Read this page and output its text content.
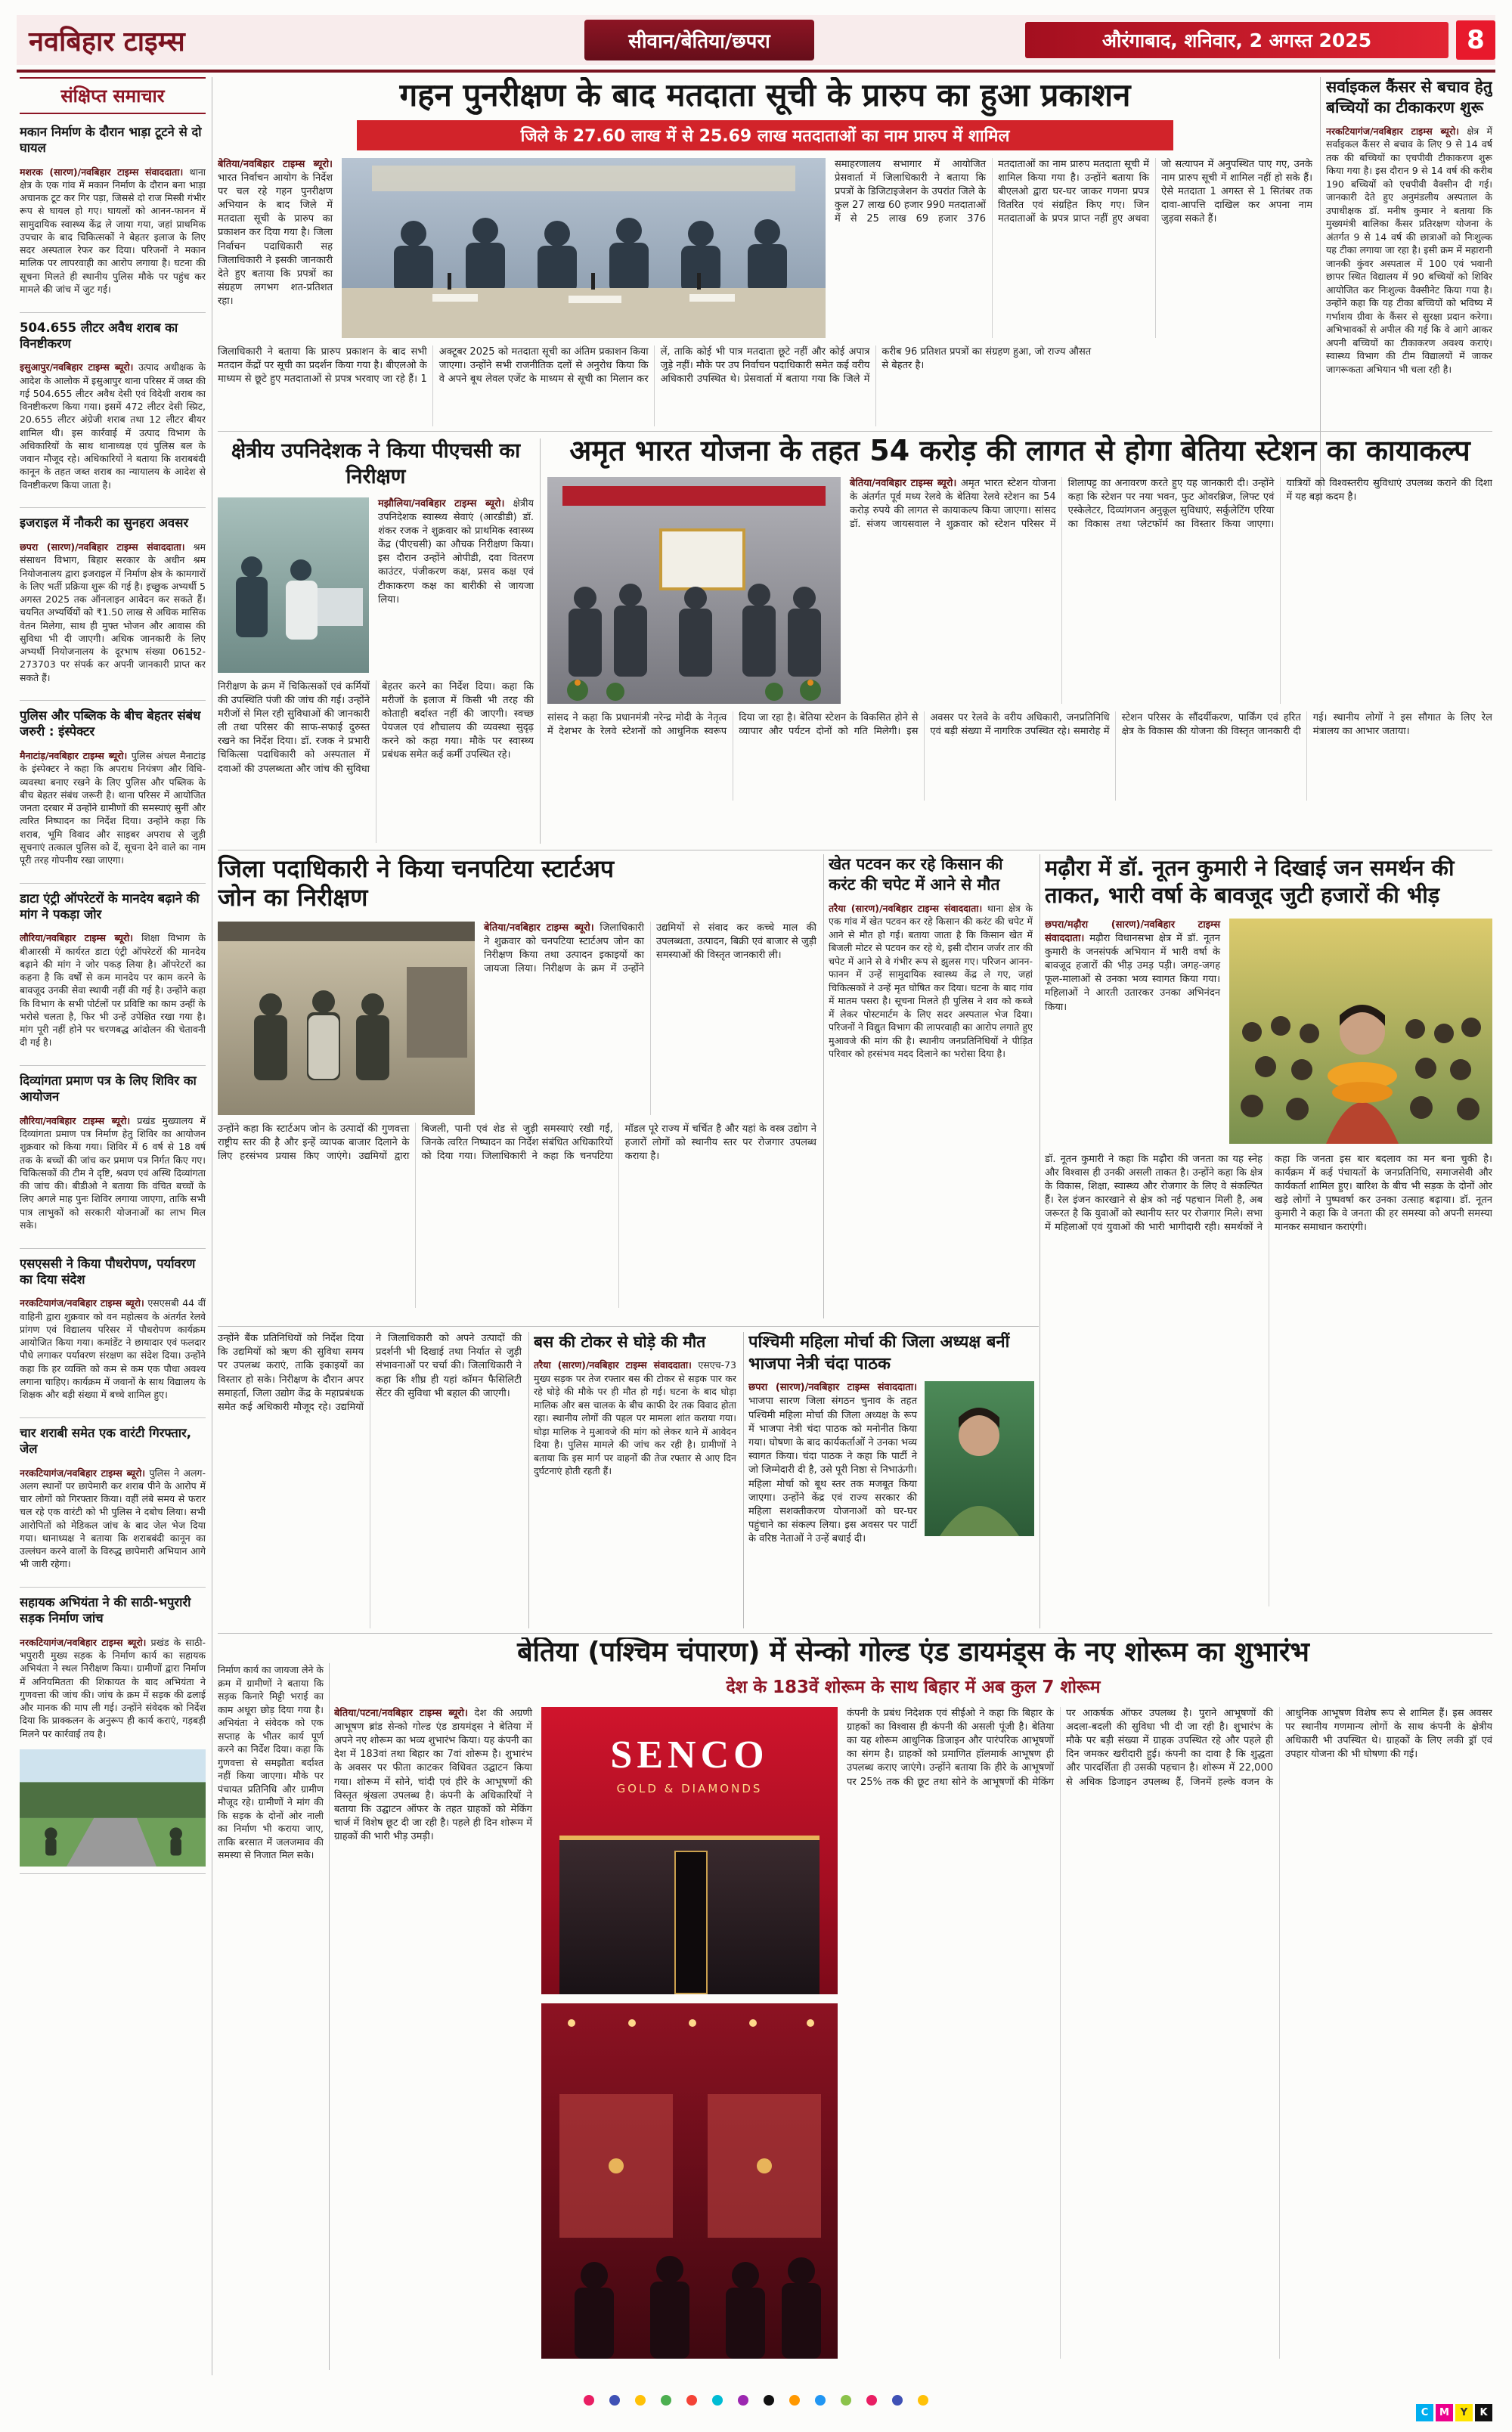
नवबिहार टाइम्स	सीवान/बेतिया/छपरा	औरंगाबाद, शनिवार, 2 अगस्त 2025	8
संक्षिप्त समाचार
मकान निर्माण के दौरान भाड़ा टूटने से दो घायल

मशरक (सारण)/नवबिहार टाइम्स संवाददाता। थाना क्षेत्र के एक गांव में मकान निर्माण के दौरान बना भाड़ा अचानक टूट कर गिर पड़ा, जिससे दो राज मिस्त्री गंभीर रूप से घायल हो गए। घायलों को आनन-फानन में सामुदायिक स्वास्थ्य केंद्र ले जाया गया, जहां प्राथमिक उपचार के बाद चिकित्सकों ने बेहतर इलाज के लिए सदर अस्पताल रेफर कर दिया। परिजनों ने मकान मालिक पर लापरवाही का आरोप लगाया है। घटना की सूचना मिलते ही स्थानीय पुलिस मौके पर पहुंच कर मामले की जांच में जुट गई।

504.655 लीटर अवैध शराब का विनष्टीकरण

इसुआपुर/नवबिहार टाइम्स ब्यूरो। उत्पाद अधीक्षक के आदेश के आलोक में इसुआपुर थाना परिसर में जब्त की गई 504.655 लीटर अवैध देसी एवं विदेशी शराब का विनष्टीकरण किया गया। इसमें 472 लीटर देसी स्प्रिट, 20.655 लीटर अंग्रेजी शराब तथा 12 लीटर बीयर शामिल थी। इस कार्रवाई में उत्पाद विभाग के अधिकारियों के साथ थानाध्यक्ष एवं पुलिस बल के जवान मौजूद रहे। अधिकारियों ने बताया कि शराबबंदी कानून के तहत जब्त शराब का न्यायालय के आदेश से विनष्टीकरण किया जाता है।

इजराइल में नौकरी का सुनहरा अवसर

छपरा (सारण)/नवबिहार टाइम्स संवाददाता। श्रम संसाधन विभाग, बिहार सरकार के अधीन श्रम नियोजनालय द्वारा इजराइल में निर्माण क्षेत्र के कामगारों के लिए भर्ती प्रक्रिया शुरू की गई है। इच्छुक अभ्यर्थी 5 अगस्त 2025 तक ऑनलाइन आवेदन कर सकते हैं। चयनित अभ्यर्थियों को ₹1.50 लाख से अधिक मासिक वेतन मिलेगा, साथ ही मुफ्त भोजन और आवास की सुविधा भी दी जाएगी। अधिक जानकारी के लिए अभ्यर्थी नियोजनालय के दूरभाष संख्या 06152-273703 पर संपर्क कर अपनी जानकारी प्राप्त कर सकते हैं।

पुलिस और पब्लिक के बीच बेहतर संबंध जरुरी : इंस्पेक्टर

मैनाटांड़/नवबिहार टाइम्स ब्यूरो। पुलिस अंचल मैनाटांड़ के इंस्पेक्टर ने कहा कि अपराध नियंत्रण और विधि-व्यवस्था बनाए रखने के लिए पुलिस और पब्लिक के बीच बेहतर संबंध जरूरी है। थाना परिसर में आयोजित जनता दरबार में उन्होंने ग्रामीणों की समस्याएं सुनीं और त्वरित निष्पादन का निर्देश दिया। उन्होंने कहा कि शराब, भूमि विवाद और साइबर अपराध से जुड़ी सूचनाएं तत्काल पुलिस को दें, सूचना देने वाले का नाम पूरी तरह गोपनीय रखा जाएगा।

डाटा एंट्री ऑपरेटरों के मानदेय बढ़ाने की मांग ने पकड़ा जोर

लौरिया/नवबिहार टाइम्स ब्यूरो। शिक्षा विभाग के बीआरसी में कार्यरत डाटा एंट्री ऑपरेटरों की मानदेय बढ़ाने की मांग ने जोर पकड़ लिया है। ऑपरेटरों का कहना है कि वर्षों से कम मानदेय पर काम करने के बावजूद उनकी सेवा स्थायी नहीं की गई है। उन्होंने कहा कि विभाग के सभी पोर्टलों पर प्रविष्टि का काम उन्हीं के भरोसे चलता है, फिर भी उन्हें उपेक्षित रखा गया है। मांग पूरी नहीं होने पर चरणबद्ध आंदोलन की चेतावनी दी गई है।

दिव्यांगता प्रमाण पत्र के लिए शिविर का आयोजन

लौरिया/नवबिहार टाइम्स ब्यूरो। प्रखंड मुख्यालय में दिव्यांगता प्रमाण पत्र निर्माण हेतु शिविर का आयोजन शुक्रवार को किया गया। शिविर में 6 वर्ष से 18 वर्ष तक के बच्चों की जांच कर प्रमाण पत्र निर्गत किए गए। चिकित्सकों की टीम ने दृष्टि, श्रवण एवं अस्थि दिव्यांगता की जांच की। बीडीओ ने बताया कि वंचित बच्चों के लिए अगले माह पुनः शिविर लगाया जाएगा, ताकि सभी पात्र लाभुकों को सरकारी योजनाओं का लाभ मिल सके।

एसएससी ने किया पौधरोपण, पर्यावरण का दिया संदेश

नरकटियागंज/नवबिहार टाइम्स ब्यूरो। एसएसबी 44 वीं वाहिनी द्वारा शुक्रवार को वन महोत्सव के अंतर्गत रेलवे प्रांगण एवं विद्यालय परिसर में पौधरोपण कार्यक्रम आयोजित किया गया। कमांडेंट ने छायादार एवं फलदार पौधे लगाकर पर्यावरण संरक्षण का संदेश दिया। उन्होंने कहा कि हर व्यक्ति को कम से कम एक पौधा अवश्य लगाना चाहिए। कार्यक्रम में जवानों के साथ विद्यालय के शिक्षक और बड़ी संख्या में बच्चे शामिल हुए।

चार शराबी समेत एक वारंटी गिरफ्तार, जेल

नरकटियागंज/नवबिहार टाइम्स ब्यूरो। पुलिस ने अलग-अलग स्थानों पर छापेमारी कर शराब पीने के आरोप में चार लोगों को गिरफ्तार किया। वहीं लंबे समय से फरार चल रहे एक वारंटी को भी पुलिस ने दबोच लिया। सभी आरोपितों को मेडिकल जांच के बाद जेल भेज दिया गया। थानाध्यक्ष ने बताया कि शराबबंदी कानून का उल्लंघन करने वालों के विरुद्ध छापेमारी अभियान आगे भी जारी रहेगा।

सहायक अभियंता ने की साठी-भपुरारी सड़क निर्माण जांच

नरकटियागंज/नवबिहार टाइम्स ब्यूरो। प्रखंड के साठी-भपुरारी मुख्य सड़क के निर्माण कार्य का सहायक अभियंता ने स्थल निरीक्षण किया। ग्रामीणों द्वारा निर्माण में अनियमितता की शिकायत के बाद अभियंता ने गुणवत्ता की जांच की। जांच के क्रम में सड़क की ढलाई और मानक की माप ली गई। उन्होंने संवेदक को निर्देश दिया कि प्राक्कलन के अनुरूप ही कार्य कराएं, गड़बड़ी मिलने पर कार्रवाई तय है।

निर्माण कार्य का जायजा लेने के क्रम में ग्रामीणों ने बताया कि सड़क किनारे मिट्टी भराई का काम अधूरा छोड़ दिया गया है। अभियंता ने संवेदक को एक सप्ताह के भीतर कार्य पूर्ण करने का निर्देश दिया। कहा कि गुणवत्ता से समझौता बर्दाश्त नहीं किया जाएगा। मौके पर पंचायत प्रतिनिधि और ग्रामीण मौजूद रहे। ग्रामीणों ने मांग की कि सड़क के दोनों ओर नाली का निर्माण भी कराया जाए, ताकि बरसात में जलजमाव की समस्या से निजात मिल सके।

गहन पुनरीक्षण के बाद मतदाता सूची के प्रारुप का हुआ प्रकाशन
जिले के 27.60 लाख में से 25.69 लाख मतदाताओं का नाम प्रारुप में शामिल

बेतिया/नवबिहार टाइम्स ब्यूरो। भारत निर्वाचन आयोग के निर्देश पर चल रहे गहन पुनरीक्षण अभियान के बाद जिले में मतदाता सूची के प्रारुप का प्रकाशन कर दिया गया है। जिला निर्वाचन पदाधिकारी सह जिलाधिकारी ने इसकी जानकारी देते हुए बताया कि प्रपत्रों का संग्रहण लगभग शत-प्रतिशत रहा।

समाहरणालय सभागार में आयोजित प्रेसवार्ता में जिलाधिकारी ने बताया कि प्रपत्रों के डिजिटाइजेशन के उपरांत जिले के कुल 27 लाख 60 हजार 990 मतदाताओं में से 25 लाख 69 हजार 376 मतदाताओं का नाम प्रारुप मतदाता सूची में शामिल किया गया है। उन्होंने बताया कि बीएलओ द्वारा घर-घर जाकर गणना प्रपत्र वितरित एवं संग्रहित किए गए। जिन मतदाताओं के प्रपत्र प्राप्त नहीं हुए अथवा जो सत्यापन में अनुपस्थित पाए गए, उनके नाम प्रारुप सूची में शामिल नहीं हो सके हैं। ऐसे मतदाता 1 अगस्त से 1 सितंबर तक दावा-आपत्ति दाखिल कर अपना नाम जुड़वा सकते हैं।

जिलाधिकारी ने बताया कि प्रारुप प्रकाशन के बाद सभी मतदान केंद्रों पर सूची का प्रदर्शन किया गया है। बीएलओ के माध्यम से छूटे हुए मतदाताओं से प्रपत्र भरवाए जा रहे हैं। 1 अक्टूबर 2025 को मतदाता सूची का अंतिम प्रकाशन किया जाएगा। उन्होंने सभी राजनीतिक दलों से अनुरोध किया कि वे अपने बूथ लेवल एजेंट के माध्यम से सूची का मिलान कर लें, ताकि कोई भी पात्र मतदाता छूटे नहीं और कोई अपात्र जुड़े नहीं। मौके पर उप निर्वाचन पदाधिकारी समेत कई वरीय अधिकारी उपस्थित थे। प्रेसवार्ता में बताया गया कि जिले में करीब 96 प्रतिशत प्रपत्रों का संग्रहण हुआ, जो राज्य औसत से बेहतर है।

सर्वाइकल कैंसर से बचाव हेतु बच्चियों का टीकाकरण शुरू

नरकटियागंज/नवबिहार टाइम्स ब्यूरो। क्षेत्र में सर्वाइकल कैंसर से बचाव के लिए 9 से 14 वर्ष तक की बच्चियों का एचपीवी टीकाकरण शुरू किया गया है। इस दौरान 9 से 14 वर्ष की करीब 190 बच्चियों को एचपीवी वैक्सीन दी गई। जानकारी देते हुए अनुमंडलीय अस्पताल के उपाधीक्षक डॉ. मनीष कुमार ने बताया कि मुख्यमंत्री बालिका कैंसर प्रतिरक्षण योजना के अंतर्गत 9 से 14 वर्ष की छात्राओं को निःशुल्क यह टीका लगाया जा रहा है। इसी क्रम में महारानी जानकी कुंवर अस्पताल में 100 एवं भवानी छापर स्थित विद्यालय में 90 बच्चियों को शिविर आयोजित कर निःशुल्क वैक्सीनेट किया गया है। उन्होंने कहा कि यह टीका बच्चियों को भविष्य में गर्भाशय ग्रीवा के कैंसर से सुरक्षा प्रदान करेगा। अभिभावकों से अपील की गई कि वे आगे आकर अपनी बच्चियों का टीकाकरण अवश्य कराएं। स्वास्थ्य विभाग की टीम विद्यालयों में जाकर जागरूकता अभियान भी चला रही है।

क्षेत्रीय उपनिदेशक ने किया पीएचसी का निरीक्षण

मझौलिया/नवबिहार टाइम्स ब्यूरो। क्षेत्रीय उपनिदेशक स्वास्थ्य सेवाएं (आरडीडी) डॉ. शंकर रजक ने शुक्रवार को प्राथमिक स्वास्थ्य केंद्र (पीएचसी) का औचक निरीक्षण किया। इस दौरान उन्होंने ओपीडी, दवा वितरण काउंटर, पंजीकरण कक्ष, प्रसव कक्ष एवं टीकाकरण कक्ष का बारीकी से जायजा लिया।

निरीक्षण के क्रम में चिकित्सकों एवं कर्मियों की उपस्थिति पंजी की जांच की गई। उन्होंने मरीजों से मिल रही सुविधाओं की जानकारी ली तथा परिसर की साफ-सफाई दुरुस्त रखने का निर्देश दिया। डॉ. रजक ने प्रभारी चिकित्सा पदाधिकारी को अस्पताल में दवाओं की उपलब्धता और जांच की सुविधा बेहतर करने का निर्देश दिया। कहा कि मरीजों के इलाज में किसी भी तरह की कोताही बर्दाश्त नहीं की जाएगी। स्वच्छ पेयजल एवं शौचालय की व्यवस्था सुदृढ़ करने को कहा गया। मौके पर स्वास्थ्य प्रबंधक समेत कई कर्मी उपस्थित रहे।

अमृत भारत योजना के तहत 54 करोड़ की लागत से होगा बेतिया स्टेशन का कायाकल्प

बेतिया/नवबिहार टाइम्स ब्यूरो। अमृत भारत स्टेशन योजना के अंतर्गत पूर्व मध्य रेलवे के बेतिया रेलवे स्टेशन का 54 करोड़ रुपये की लागत से कायाकल्प किया जाएगा। सांसद डॉ. संजय जायसवाल ने शुक्रवार को स्टेशन परिसर में शिलापट्ट का अनावरण करते हुए यह जानकारी दी। उन्होंने कहा कि स्टेशन पर नया भवन, फुट ओवरब्रिज, लिफ्ट एवं एस्केलेटर, दिव्यांगजन अनुकूल सुविधाएं, सर्कुलेटिंग एरिया का विकास तथा प्लेटफॉर्म का विस्तार किया जाएगा। यात्रियों को विश्वस्तरीय सुविधाएं उपलब्ध कराने की दिशा में यह बड़ा कदम है।

सांसद ने कहा कि प्रधानमंत्री नरेन्द्र मोदी के नेतृत्व में देशभर के रेलवे स्टेशनों को आधुनिक स्वरूप दिया जा रहा है। बेतिया स्टेशन के विकसित होने से व्यापार और पर्यटन दोनों को गति मिलेगी। इस अवसर पर रेलवे के वरीय अधिकारी, जनप्रतिनिधि एवं बड़ी संख्या में नागरिक उपस्थित रहे। समारोह में स्टेशन परिसर के सौंदर्यीकरण, पार्किंग एवं हरित क्षेत्र के विकास की योजना की विस्तृत जानकारी दी गई। स्थानीय लोगों ने इस सौगात के लिए रेल मंत्रालय का आभार जताया।

जिला पदाधिकारी ने किया चनपटिया स्टार्टअप जोन का निरीक्षण

बेतिया/नवबिहार टाइम्स ब्यूरो। जिलाधिकारी ने शुक्रवार को चनपटिया स्टार्टअप जोन का निरीक्षण किया तथा उत्पादन इकाइयों का जायजा लिया। निरीक्षण के क्रम में उन्होंने उद्यमियों से संवाद कर कच्चे माल की उपलब्धता, उत्पादन, बिक्री एवं बाजार से जुड़ी समस्याओं की विस्तृत जानकारी ली।

उन्होंने कहा कि स्टार्टअप जोन के उत्पादों की गुणवत्ता राष्ट्रीय स्तर की है और इन्हें व्यापक बाजार दिलाने के लिए हरसंभव प्रयास किए जाएंगे। उद्यमियों द्वारा बिजली, पानी एवं शेड से जुड़ी समस्याएं रखी गईं, जिनके त्वरित निष्पादन का निर्देश संबंधित अधिकारियों को दिया गया। जिलाधिकारी ने कहा कि चनपटिया मॉडल पूरे राज्य में चर्चित है और यहां के वस्त्र उद्योग ने हजारों लोगों को स्थानीय स्तर पर रोजगार उपलब्ध कराया है।

उन्होंने बैंक प्रतिनिधियों को निर्देश दिया कि उद्यमियों को ऋण की सुविधा समय पर उपलब्ध कराएं, ताकि इकाइयों का विस्तार हो सके। निरीक्षण के दौरान अपर समाहर्ता, जिला उद्योग केंद्र के महाप्रबंधक समेत कई अधिकारी मौजूद रहे। उद्यमियों ने जिलाधिकारी को अपने उत्पादों की प्रदर्शनी भी दिखाई तथा निर्यात से जुड़ी संभावनाओं पर चर्चा की। जिलाधिकारी ने कहा कि शीघ्र ही यहां कॉमन फैसिलिटी सेंटर की सुविधा भी बहाल की जाएगी।

खेत पटवन कर रहे किसान की करंट की चपेट में आने से मौत

तरैया (सारण)/नवबिहार टाइम्स संवाददाता। थाना क्षेत्र के एक गांव में खेत पटवन कर रहे किसान की करंट की चपेट में आने से मौत हो गई। बताया जाता है कि किसान खेत में बिजली मोटर से पटवन कर रहे थे, इसी दौरान जर्जर तार की चपेट में आने से वे गंभीर रूप से झुलस गए। परिजन आनन-फानन में उन्हें सामुदायिक स्वास्थ्य केंद्र ले गए, जहां चिकित्सकों ने उन्हें मृत घोषित कर दिया। घटना के बाद गांव में मातम पसरा है। सूचना मिलते ही पुलिस ने शव को कब्जे में लेकर पोस्टमार्टम के लिए सदर अस्पताल भेज दिया। परिजनों ने विद्युत विभाग की लापरवाही का आरोप लगाते हुए मुआवजे की मांग की है। स्थानीय जनप्रतिनिधियों ने पीड़ित परिवार को हरसंभव मदद दिलाने का भरोसा दिया है।

बस की टोकर से घोड़े की मौत

तरैया (सारण)/नवबिहार टाइम्स संवाददाता। एसएच-73 मुख्य सड़क पर तेज रफ्तार बस की टोकर से सड़क पार कर रहे घोड़े की मौके पर ही मौत हो गई। घटना के बाद घोड़ा मालिक और बस चालक के बीच काफी देर तक विवाद होता रहा। स्थानीय लोगों की पहल पर मामला शांत कराया गया। घोड़ा मालिक ने मुआवजे की मांग को लेकर थाने में आवेदन दिया है। पुलिस मामले की जांच कर रही है। ग्रामीणों ने बताया कि इस मार्ग पर वाहनों की तेज रफ्तार से आए दिन दुर्घटनाएं होती रहती हैं।

पश्चिमी महिला मोर्चा की जिला अध्यक्ष बनीं भाजपा नेत्री चंदा पाठक

छपरा (सारण)/नवबिहार टाइम्स संवाददाता। भाजपा सारण जिला संगठन चुनाव के तहत पश्चिमी महिला मोर्चा की जिला अध्यक्ष के रूप में भाजपा नेत्री चंदा पाठक को मनोनीत किया गया। घोषणा के बाद कार्यकर्ताओं ने उनका भव्य स्वागत किया। चंदा पाठक ने कहा कि पार्टी ने जो जिम्मेदारी दी है, उसे पूरी निष्ठा से निभाऊंगी। महिला मोर्चा को बूथ स्तर तक मजबूत किया जाएगा। उन्होंने केंद्र एवं राज्य सरकार की महिला सशक्तीकरण योजनाओं को घर-घर पहुंचाने का संकल्प लिया। इस अवसर पर पार्टी के वरिष्ठ नेताओं ने उन्हें बधाई दी।

मढ़ौरा में डॉ. नूतन कुमारी ने दिखाई जन समर्थन की ताकत, भारी वर्षा के बावजूद जुटी हजारों की भीड़

छपरा/मढ़ौरा (सारण)/नवबिहार टाइम्स संवाददाता। मढ़ौरा विधानसभा क्षेत्र में डॉ. नूतन कुमारी के जनसंपर्क अभियान में भारी वर्षा के बावजूद हजारों की भीड़ उमड़ पड़ी। जगह-जगह फूल-मालाओं से उनका भव्य स्वागत किया गया। महिलाओं ने आरती उतारकर उनका अभिनंदन किया।

डॉ. नूतन कुमारी ने कहा कि मढ़ौरा की जनता का यह स्नेह और विश्वास ही उनकी असली ताकत है। उन्होंने कहा कि क्षेत्र के विकास, शिक्षा, स्वास्थ्य और रोजगार के लिए वे संकल्पित हैं। रेल इंजन कारखाने से क्षेत्र को नई पहचान मिली है, अब जरूरत है कि युवाओं को स्थानीय स्तर पर रोजगार मिले। सभा में महिलाओं एवं युवाओं की भारी भागीदारी रही। समर्थकों ने कहा कि जनता इस बार बदलाव का मन बना चुकी है। कार्यक्रम में कई पंचायतों के जनप्रतिनिधि, समाजसेवी और कार्यकर्ता शामिल हुए। बारिश के बीच भी सड़क के दोनों ओर खड़े लोगों ने पुष्पवर्षा कर उनका उत्साह बढ़ाया। डॉ. नूतन कुमारी ने कहा कि वे जनता की हर समस्या को अपनी समस्या मानकर समाधान कराएंगी।

बेतिया (पश्चिम चंपारण) में सेन्को गोल्ड एंड डायमंड्स के नए शोरूम का शुभारंभ
देश के 183वें शोरूम के साथ बिहार में अब कुल 7 शोरूम

बेतिया/पटना/नवबिहार टाइम्स ब्यूरो। देश की अग्रणी आभूषण ब्रांड सेन्को गोल्ड एंड डायमंड्स ने बेतिया में अपने नए शोरूम का भव्य शुभारंभ किया। यह कंपनी का देश में 183वां तथा बिहार का 7वां शोरूम है। शुभारंभ के अवसर पर फीता काटकर विधिवत उद्घाटन किया गया। शोरूम में सोने, चांदी एवं हीरे के आभूषणों की विस्तृत श्रृंखला उपलब्ध है। कंपनी के अधिकारियों ने बताया कि उद्घाटन ऑफर के तहत ग्राहकों को मेकिंग चार्ज में विशेष छूट दी जा रही है। पहले ही दिन शोरूम में ग्राहकों की भारी भीड़ उमड़ी।

SENCO
GOLD & DIAMONDS

कंपनी के प्रबंध निदेशक एवं सीईओ ने कहा कि बिहार के ग्राहकों का विश्वास ही कंपनी की असली पूंजी है। बेतिया का यह शोरूम आधुनिक डिजाइन और पारंपरिक आभूषणों का संगम है। ग्राहकों को प्रमाणित हॉलमार्क आभूषण ही उपलब्ध कराए जाएंगे। उन्होंने बताया कि हीरे के आभूषणों पर 25% तक की छूट तथा सोने के आभूषणों की मेकिंग पर आकर्षक ऑफर उपलब्ध है। पुराने आभूषणों की अदला-बदली की सुविधा भी दी जा रही है। शुभारंभ के मौके पर बड़ी संख्या में ग्राहक उपस्थित रहे और पहले ही दिन जमकर खरीदारी हुई। कंपनी का दावा है कि शुद्धता और पारदर्शिता ही उसकी पहचान है। शोरूम में 22,000 से अधिक डिजाइन उपलब्ध हैं, जिनमें हल्के वजन के आधुनिक आभूषण विशेष रूप से शामिल हैं। इस अवसर पर स्थानीय गणमान्य लोगों के साथ कंपनी के क्षेत्रीय अधिकारी भी उपस्थित थे। ग्राहकों के लिए लकी ड्रॉ एवं उपहार योजना की भी घोषणा की गई।

C	M	Y	K
